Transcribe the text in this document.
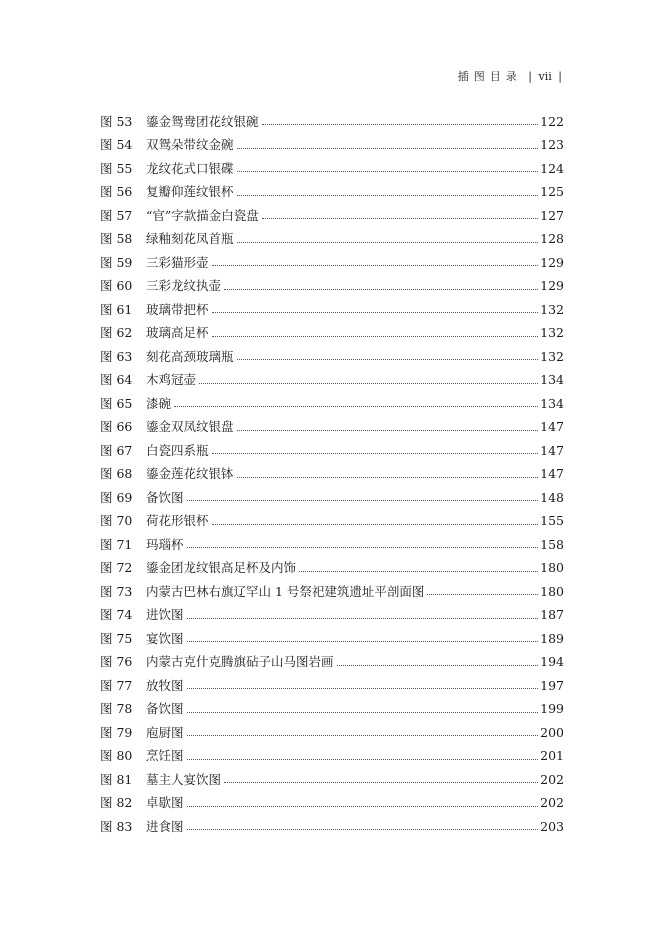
插图目录 | vii |
图 53	鎏金鸳鸯团花纹银碗	122
图 54	双鸳朵带纹金碗	123
图 55	龙纹花式口银碟	124
图 56	复瓣仰莲纹银杯	125
图 57	“官”字款描金白瓷盘	127
图 58	绿釉刻花凤首瓶	128
图 59	三彩猫形壶	129
图 60	三彩龙纹执壶	129
图 61	玻璃带把杯	132
图 62	玻璃高足杯	132
图 63	刻花高颈玻璃瓶	132
图 64	木鸡冠壶	134
图 65	漆碗	134
图 66	鎏金双凤纹银盘	147
图 67	白瓷四系瓶	147
图 68	鎏金莲花纹银钵	147
图 69	备饮图	148
图 70	荷花形银杯	155
图 71	玛瑙杯	158
图 72	鎏金团龙纹银高足杯及内饰	180
图 73	内蒙古巴林右旗辽罕山 1 号祭祀建筑遗址平剖面图	180
图 74	进饮图	187
图 75	宴饮图	189
图 76	内蒙古克什克腾旗砧子山马图岩画	194
图 77	放牧图	197
图 78	备饮图	199
图 79	庖厨图	200
图 80	烹饪图	201
图 81	墓主人宴饮图	202
图 82	卓歇图	202
图 83	进食图	203
